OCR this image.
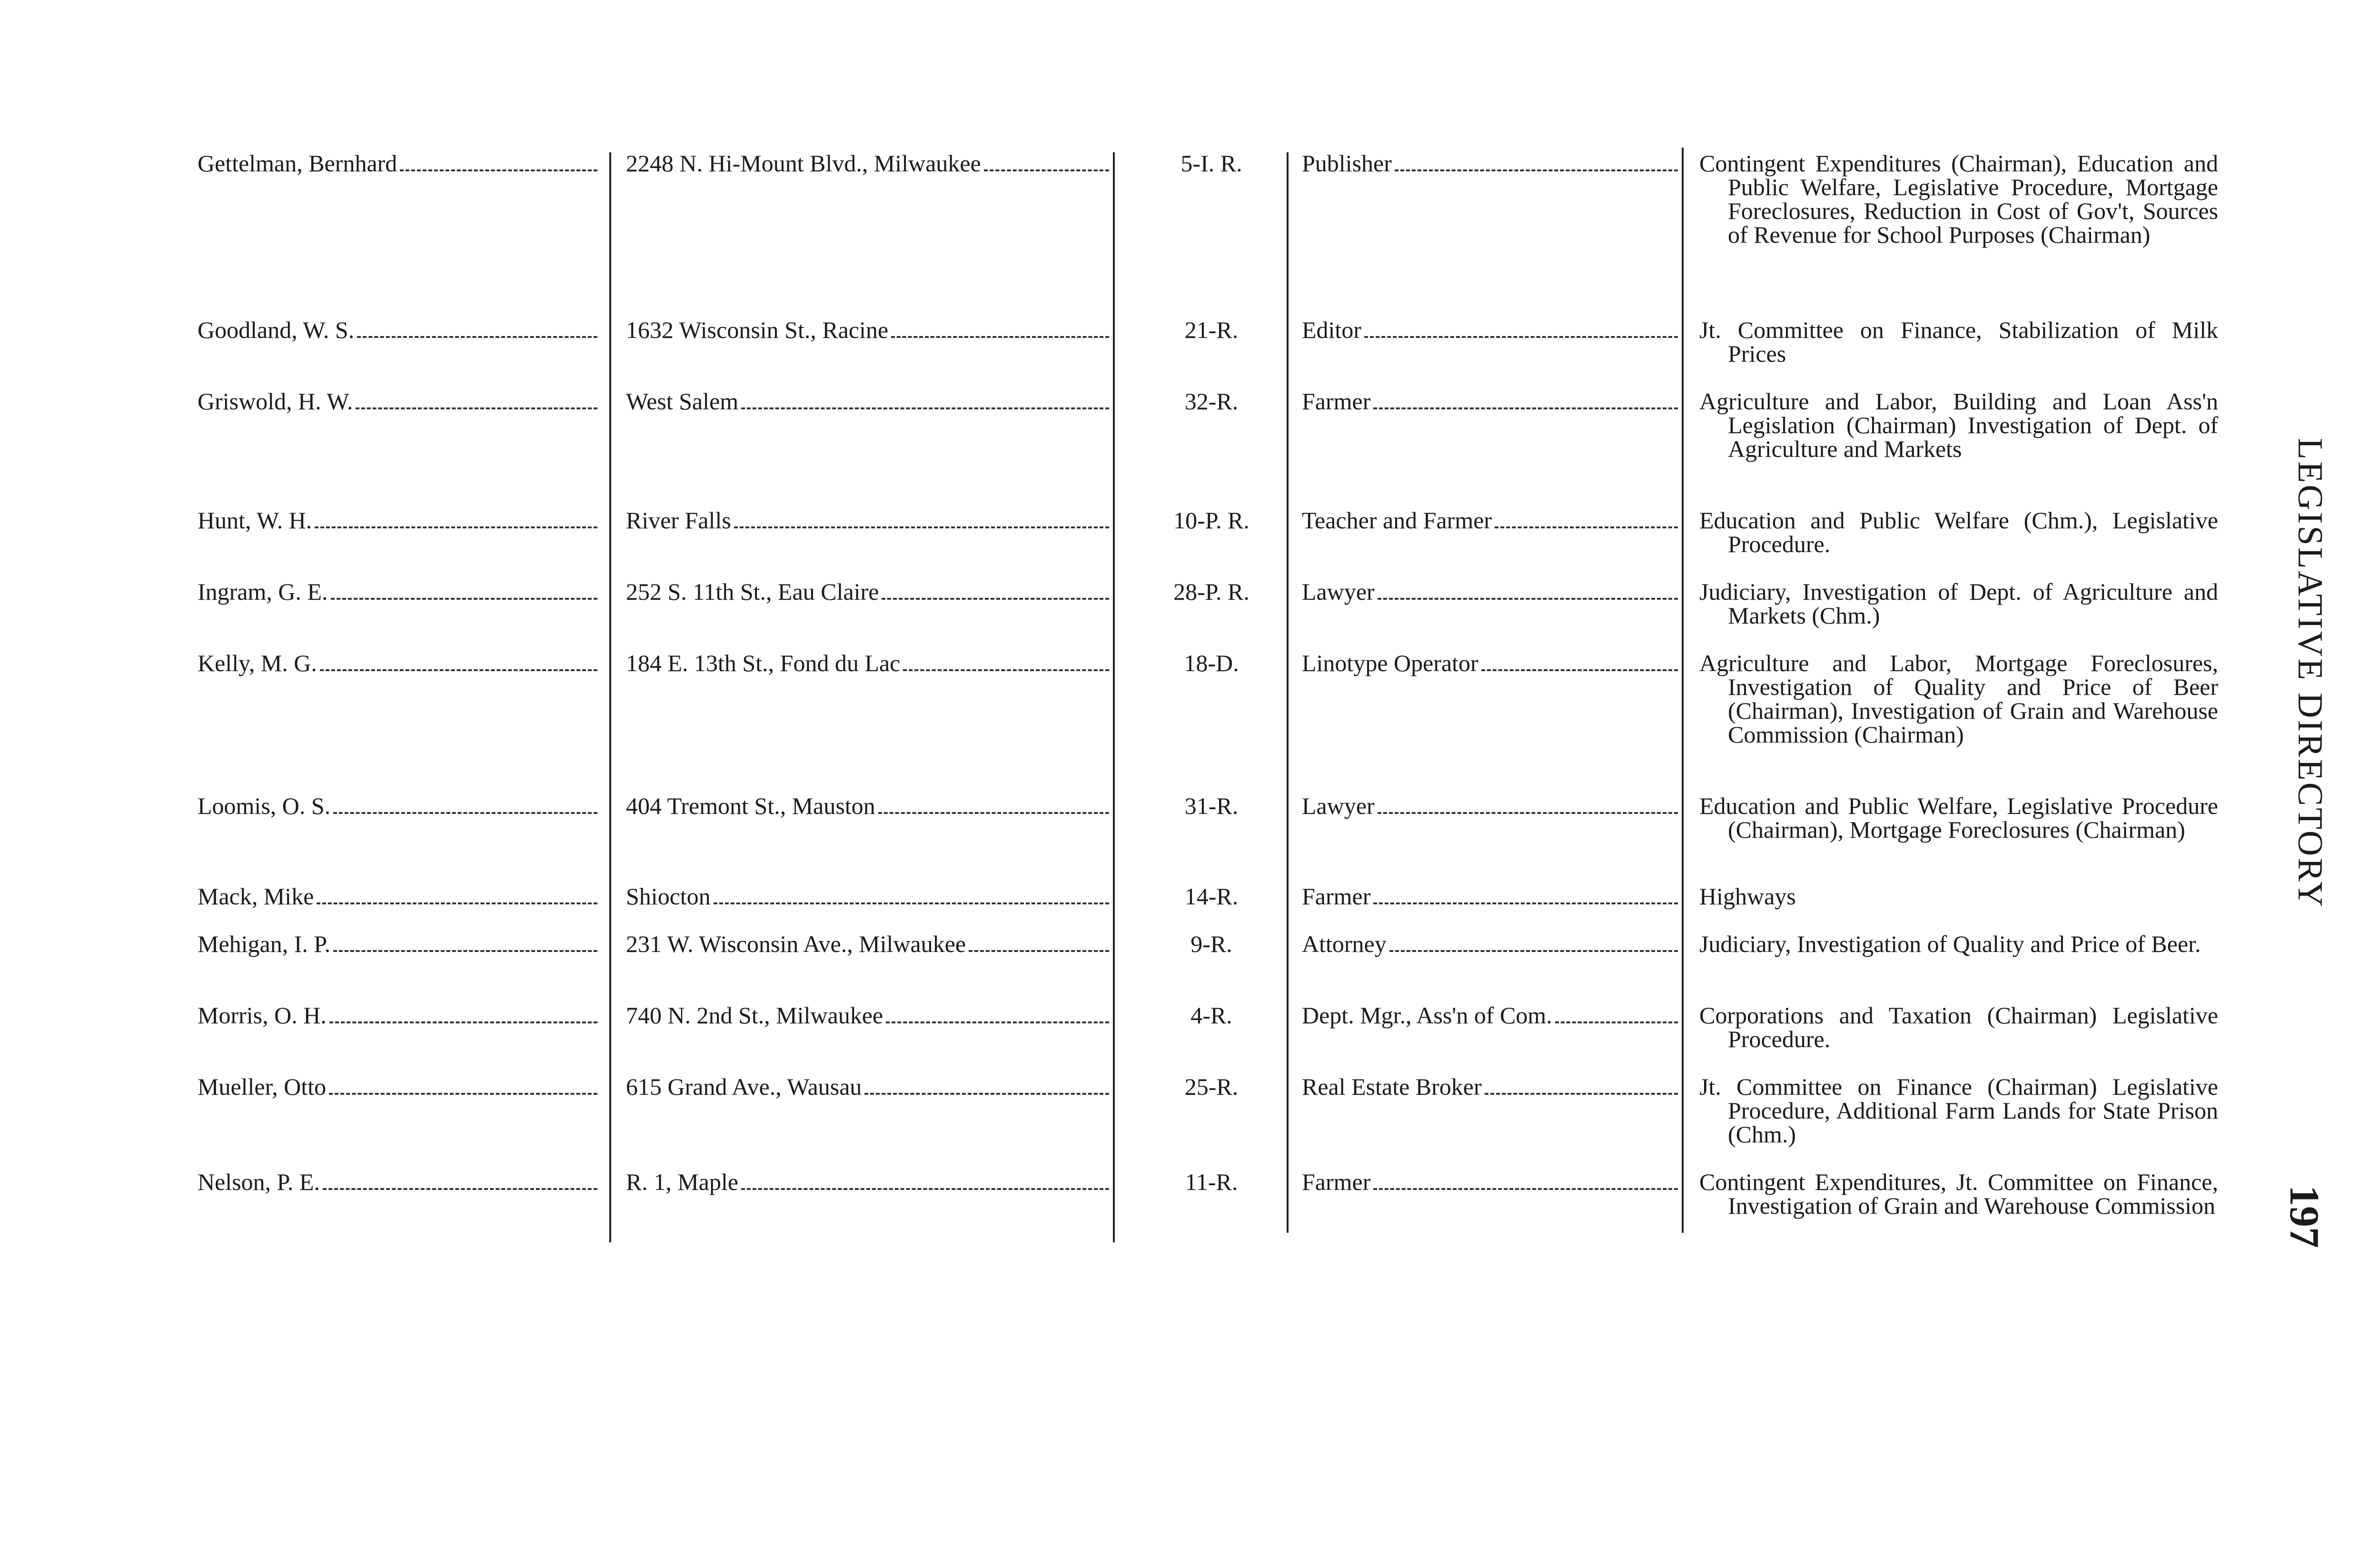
Gettelman, Bernhard	2248 N. Hi-Mount Blvd., Milwaukee	5-I. R.	Publisher	Contingent Expenditures (Chairman), Education and Public Welfare, Legislative Procedure, Mortgage Foreclosures, Reduction in Cost of Gov't, Sources of Revenue for School Purposes (Chairman)
Goodland, W. S.	1632 Wisconsin St., Racine	21-R.	Editor	Jt. Committee on Finance, Stabilization of Milk Prices
Griswold, H. W.	West Salem	32-R.	Farmer	Agriculture and Labor, Building and Loan Ass'n Legislation (Chairman) Investigation of Dept. of Agriculture and Markets
Hunt, W. H.	River Falls	10-P. R.	Teacher and Farmer	Education and Public Welfare (Chm.), Legislative Procedure.
Ingram, G. E.	252 S. 11th St., Eau Claire	28-P. R.	Lawyer	Judiciary, Investigation of Dept. of Agriculture and Markets (Chm.)
Kelly, M. G.	184 E. 13th St., Fond du Lac	18-D.	Linotype Operator	Agriculture and Labor, Mortgage Foreclosures, Investigation of Quality and Price of Beer (Chairman), Investigation of Grain and Warehouse Commission (Chairman)
Loomis, O. S.	404 Tremont St., Mauston	31-R.	Lawyer	Education and Public Welfare, Legislative Procedure (Chairman), Mortgage Foreclosures (Chairman)
Mack, Mike	Shiocton	14-R.	Farmer	Highways
Mehigan, I. P.	231 W. Wisconsin Ave., Milwaukee	9-R.	Attorney	Judiciary, Investigation of Quality and Price of Beer.
Morris, O. H.	740 N. 2nd St., Milwaukee	4-R.	Dept. Mgr., Ass'n of Com.	Corporations and Taxation (Chairman) Legislative Procedure.
Mueller, Otto	615 Grand Ave., Wausau	25-R.	Real Estate Broker	Jt. Committee on Finance (Chairman) Legislative Procedure, Additional Farm Lands for State Prison (Chm.)
Nelson, P. E.	R. 1, Maple	11-R.	Farmer	Contingent Expenditures, Jt. Committee on Finance, Investigation of Grain and Warehouse Commission
LEGISLATIVE DIRECTORY
197
